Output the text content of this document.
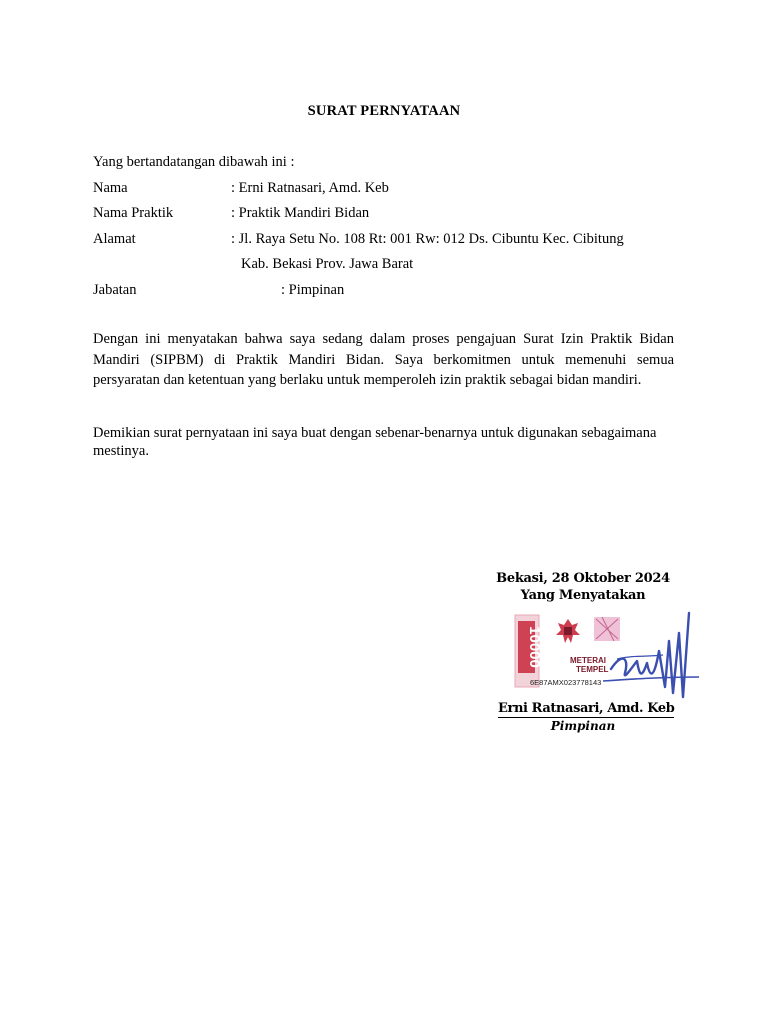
SURAT PERNYATAAN
Yang bertandatangan dibawah ini :
Nama	: Erni Ratnasari, Amd. Keb
Nama Praktik	: Praktik Mandiri Bidan
Alamat	: Jl. Raya Setu No. 108 Rt: 001 Rw: 012 Ds. Cibuntu Kec. Cibitung
Kab. Bekasi Prov. Jawa Barat
Jabatan	: Pimpinan
Dengan ini menyatakan bahwa saya sedang dalam proses pengajuan Surat Izin Praktik Bidan Mandiri (SIPBM) di Praktik Mandiri Bidan. Saya berkomitmen untuk memenuhi semua persyaratan dan ketentuan yang berlaku untuk memperoleh izin praktik sebagai bidan mandiri.
Demikian surat pernyataan ini saya buat dengan sebenar-benarnya untuk digunakan sebagaimana mestinya.
Bekasi, 28 Oktober 2024
Yang Menyatakan
10000	METERAI
TEMPEL
6E87AMX023778143
Erni Ratnasari, Amd. Keb
Pimpinan
